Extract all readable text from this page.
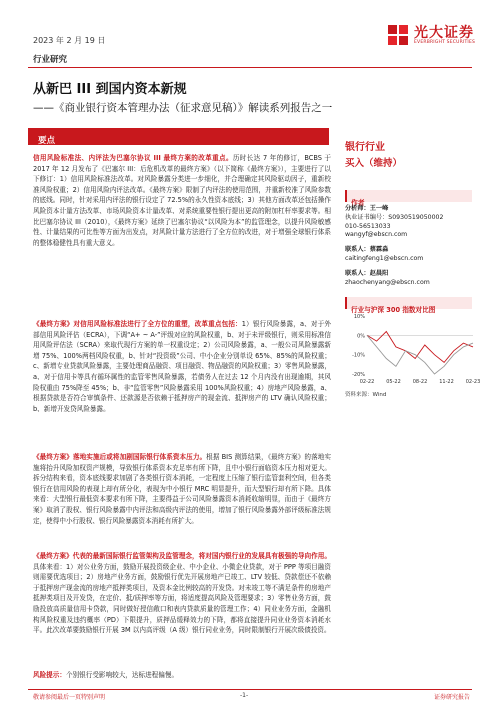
2023 年 2 月 19 日	光大证券
EVERBRIGHT SECURITIES
行业研究
从新巴 III 到国内资本新规
——《商业银行资本管理办法（征求意见稿）》解读系列报告之一
要点
信用风险标准法、内评法为巴塞尔协议 III 最终方案的改革重点。历时长达 7 年的修订，BCBS 于 2017 年 12 月发布了《巴塞尔 III：后危机改革的最终方案》（以下简称《最终方案》），主要进行了以下修订：1）信用风险标准法改革。对风险暴露分类进一步细化，并合理确定其风险驱动因子，重新校准风险权重；2）信用风险内评法改革。《最终方案》限制了内评法的使用范围，并重新校准了风险参数的底线。同时，针对采用内评法的银行设定了 72.5%的永久性资本底线；3）其他方面改革还包括操作风险资本计量方法改革、市场风险资本计量改革、对系统重要性银行提出更高的附加杠杆率要求等。相比巴塞尔协议 III（2010），《最终方案》延续了巴塞尔协议“以风险为本”的监管理念，以提升风险敏感性、计量结果的可比性等方面为出发点，对风险计量方法进行了全方位的改进，对于增强全球银行体系的整体稳健性具有重大意义。
《最终方案》对信用风险标准法进行了全方位的重塑，改革重点包括：1）银行风险暴露，a、对于外部信用风险评估（ECRA），下调“A+ ~ A-”评级对应的风险权重，b、对于未评级银行，则采用标准信用风险评估法（SCRA）来取代现行方案的单一权重设定；2）公司风险暴露，a、一般公司风险暴露新增 75%、100%两档风险权重，b、针对“投资级”公司、中小企业分别单设 65%、85%的风险权重；c、新增专业贷款风险暴露，主要处理商品融资、项目融资、物品融资的风险权重；3）零售风险暴露，a、对于信用卡等具有循环属性的监管零售风险暴露，若债务人在过去 12 个月内没有出现逾期，其风险权重由 75%降至 45%；b、非“监管零售”风险暴露采用 100%风险权重；4）房地产风险暴露，a、根据贷款是否符合审慎条件、还款源是否依赖于抵押房产的现金流、抵押房产的 LTV 确认风险权重；b、新增开发贷风险暴露。
《最终方案》落地实施后或将加剧国际银行体系资本压力。根据 BIS 测算结果，《最终方案》的落地实施将抬升风险加权资产规模，导致银行体系资本充足率有所下降，且中小银行面临资本压力相对更大。拆分结构来看，资本底线要求加剧了各类银行资本消耗，一定程度上压缩了银行监管套利空间，但各类银行在信用风险的表现上却有所分化，表现为中小银行 MRC 明显提升，而大型银行却有所下降。具体来看：大型银行最低资本要求有所下降，主要得益于公司风险暴露资本消耗收缩明显，而由于《最终方案》取消了股权、银行风险暴露中内评法和高级内评法的使用，增加了银行风险暴露外部评级标准法规定，使得中小行股权、银行风险暴露资本消耗有所扩大。
《最终方案》代表的最新国际银行监管架构及监管理念，将对国内银行业的发展具有极强的导向作用。具体来看：1）对公业务方面，鼓励开展投资级企业、中小企业、小微企业贷款，对于 PPP 等项目融资则需要优选项目；2）房地产业务方面，鼓励银行优先开展房地产已竣工、LTV 较低、贷款偿还不依赖于抵押房产现金流的房地产抵押类项目，及资本金比例较高的开发贷。对未竣工等不满足条件的房地产抵押类项目及开发贷，在定价、抵/质押率等方面，将适度提高风险及管理要求；3）零售业务方面，鼓励投放高质量信用卡贷款，同时做好授信敞口和表内贷款质量的管理工作；4）同业业务方面，金融机构风险权重及违约概率（PD）下限提升，质押品缓释效力的下降，都将直接提升同业业务资本消耗水平。此次改革要鼓励银行开展 3M 以内高评级（A 级）银行同业业务，同时限制银行开展次级债投资。
风险提示：个别银行受影响较大，达标进程偏慢。
银行行业
买入（维持）
作者
分析师：王一峰
执业证书编号：S0930519050002
010-56513033
wangyf@ebscn.com
联系人：蔡霖淼
caitingfeng1@ebscn.com
联系人：赵晨阳
zhaochenyang@ebscn.com
行业与沪深 300 指数对比图
10%
0%
-10%
-20%
02-22 05-22 08-22 11-22 02-23
资料来源：Wind
敬请参阅最后一页特别声明	-1-	证券研究报告
